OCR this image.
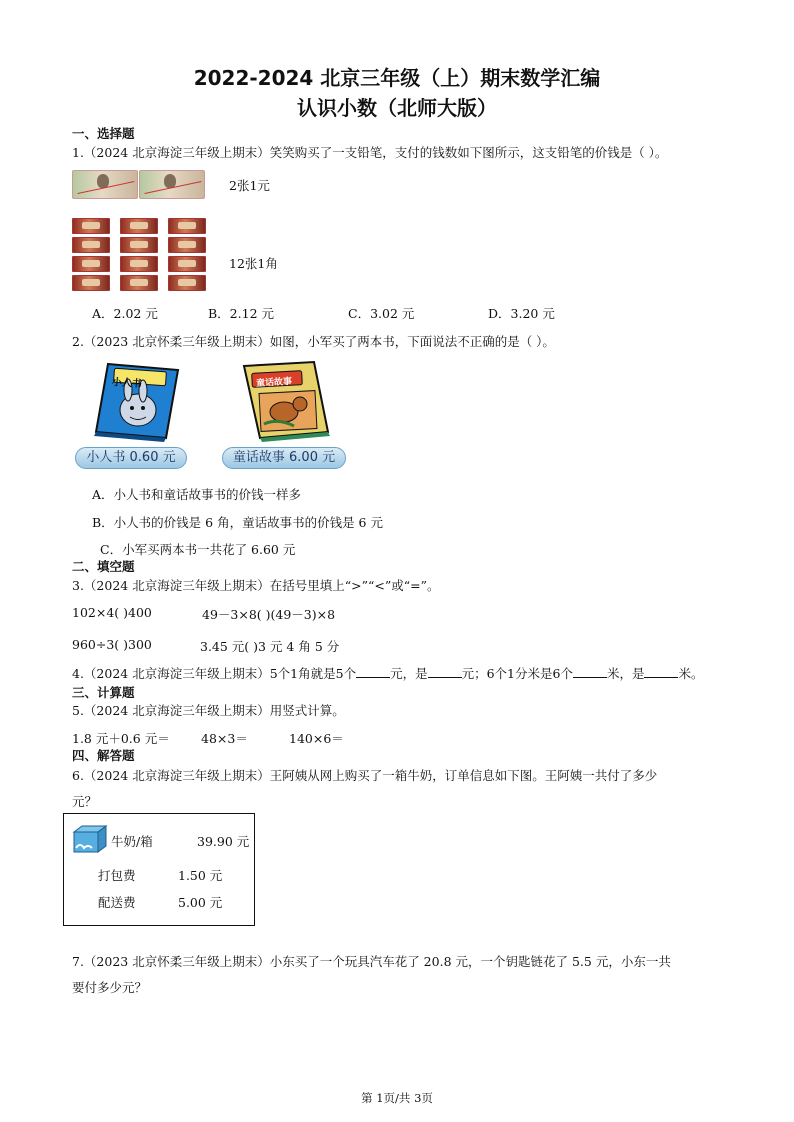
2022-2024 北京三年级（上）期末数学汇编
认识小数（北师大版）
一、选择题
1.（2024 北京海淀三年级上期末）笑笑购买了一支铅笔，支付的钱数如下图所示，这支铅笔的价钱是（ ）。
2张1元
12张1角
A．2.02 元	B．2.12 元	C．3.02 元	D．3.20 元
2.（2023 北京怀柔三年级上期末）如图，小军买了两本书，下面说法不正确的是（ ）。
小人书	童话故事
小人书 0.60 元	童话故事 6.00 元
A．小人书和童话故事书的价钱一样多
B．小人书的价钱是 6 角，童话故事书的价钱是 6 元
C．小军买两本书一共花了 6.60 元
二、填空题
3.（2024 北京海淀三年级上期末）在括号里填上“>”“<”或“=”。
102×4( )400	49－3×8( )(49－3)×8
960÷3( )300	3.45 元( )3 元 4 角 5 分
4.（2024 北京海淀三年级上期末）5个1角就是5个	元，是	元；6个1分米是6个	米，是	米。
三、计算题
5.（2024 北京海淀三年级上期末）用竖式计算。
1.8 元＋0.6 元＝	48×3＝	140×6＝
四、解答题
6.（2024 北京海淀三年级上期末）王阿姨从网上购买了一箱牛奶，订单信息如下图。王阿姨一共付了多少
元？
牛奶/箱	39.90 元
打包费	1.50 元
配送费	5.00 元
7.（2023 北京怀柔三年级上期末）小东买了一个玩具汽车花了 20.8 元，一个钥匙链花了 5.5 元，小东一共
要付多少元？
第 1页/共 3页
